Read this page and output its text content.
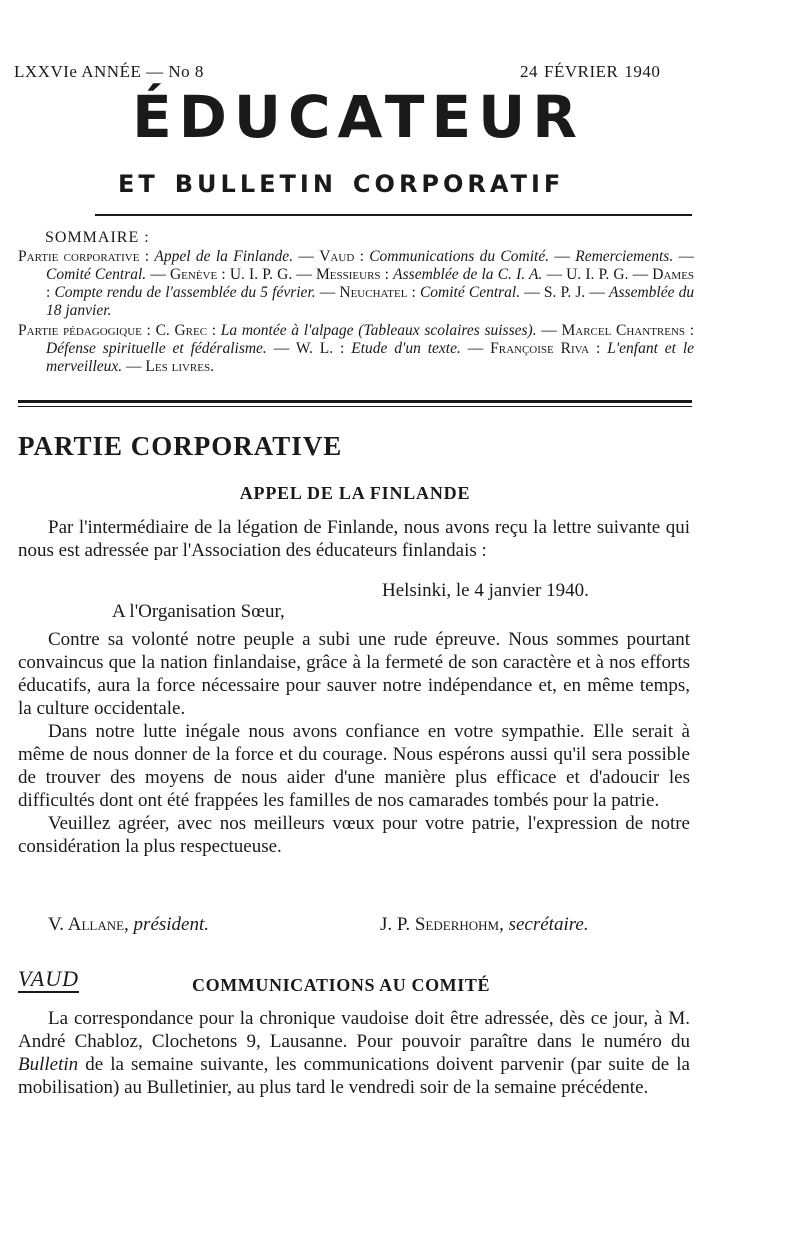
LXXVIe ANNÉE — No 8	24 FÉVRIER 1940
ÉDUCATEUR
ET BULLETIN CORPORATIF
SOMMAIRE :

Partie corporative : Appel de la Finlande. — Vaud : Communications du Comité. — Remerciements. — Comité Central. — Genève : U. I. P. G. — Messieurs : Assemblée de la C. I. A. — U. I. P. G. — Dames : Compte rendu de l'assemblée du 5 février. — Neuchatel : Comité Central. — S. P. J. — Assemblée du 18 janvier.

Partie pédagogique : C. Grec : La montée à l'alpage (Tableaux scolaires suisses). — Marcel Chantrens : Défense spirituelle et fédéralisme. — W. L. : Etude d'un texte. — Françoise Riva : L'enfant et le merveilleux. — Les livres.

PARTIE CORPORATIVE
APPEL DE LA FINLANDE

Par l'intermédiaire de la légation de Finlande, nous avons reçu la lettre suivante qui nous est adressée par l'Association des éducateurs finlandais :

Helsinki, le 4 janvier 1940.
A l'Organisation Sœur,

Contre sa volonté notre peuple a subi une rude épreuve. Nous sommes pourtant convaincus que la nation finlandaise, grâce à la fermeté de son caractère et à nos efforts éducatifs, aura la force nécessaire pour sauver notre indépendance et, en même temps, la culture occidentale.

Dans notre lutte inégale nous avons confiance en votre sympathie. Elle serait à même de nous donner de la force et du courage. Nous espérons aussi qu'il sera possible de trouver des moyens de nous aider d'une manière plus efficace et d'adoucir les difficultés dont ont été frappées les familles de nos camarades tombés pour la patrie.

Veuillez agréer, avec nos meilleurs vœux pour votre patrie, l'expression de notre considération la plus respectueuse.

V. Allane, président.	J. P. Sederhohm, secrétaire.
VAUD	COMMUNICATIONS AU COMITÉ

La correspondance pour la chronique vaudoise doit être adressée, dès ce jour, à M. André Chabloz, Clochetons 9, Lausanne. Pour pouvoir paraître dans le numéro du Bulletin de la semaine suivante, les communications doivent parvenir (par suite de la mobilisation) au Bulletinier, au plus tard le vendredi soir de la semaine précédente.
